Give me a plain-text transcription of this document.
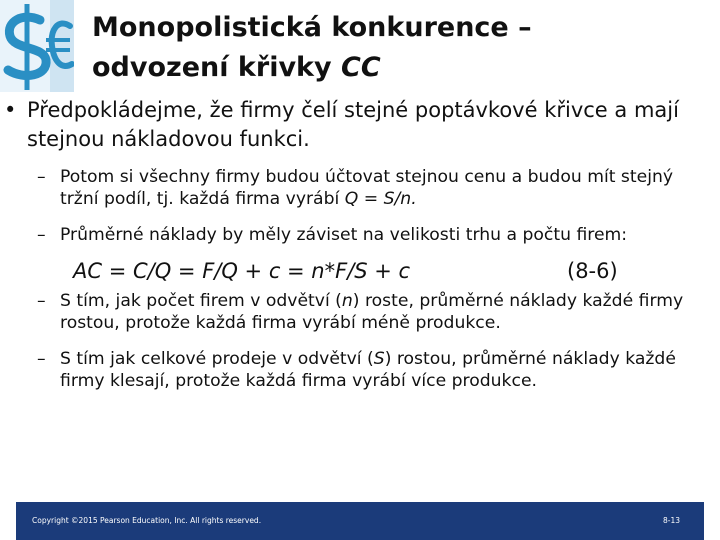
Monopolistická konkurence –
odvození křivky CC
• Předpokládejme, že firmy čelí stejné poptávkové křivce a mají stejnou nákladovou funkci.
– Potom si všechny firmy budou účtovat stejnou cenu a budou mít stejný tržní podíl, tj. každá firma vyrábí Q = S/n.
– Průměrné náklady by měly záviset na velikosti trhu a počtu firem:
AC = C/Q = F/Q + c = n*F/S + c	(8-6)
– S tím, jak počet firem v odvětví (n) roste, průměrné náklady každé firmy rostou, protože každá firma vyrábí méně produkce.
– S tím jak celkové prodeje v odvětví (S) rostou, průměrné náklady každé firmy klesají, protože každá firma vyrábí více produkce.
Copyright ©2015 Pearson Education, Inc. All rights reserved.	8-13
